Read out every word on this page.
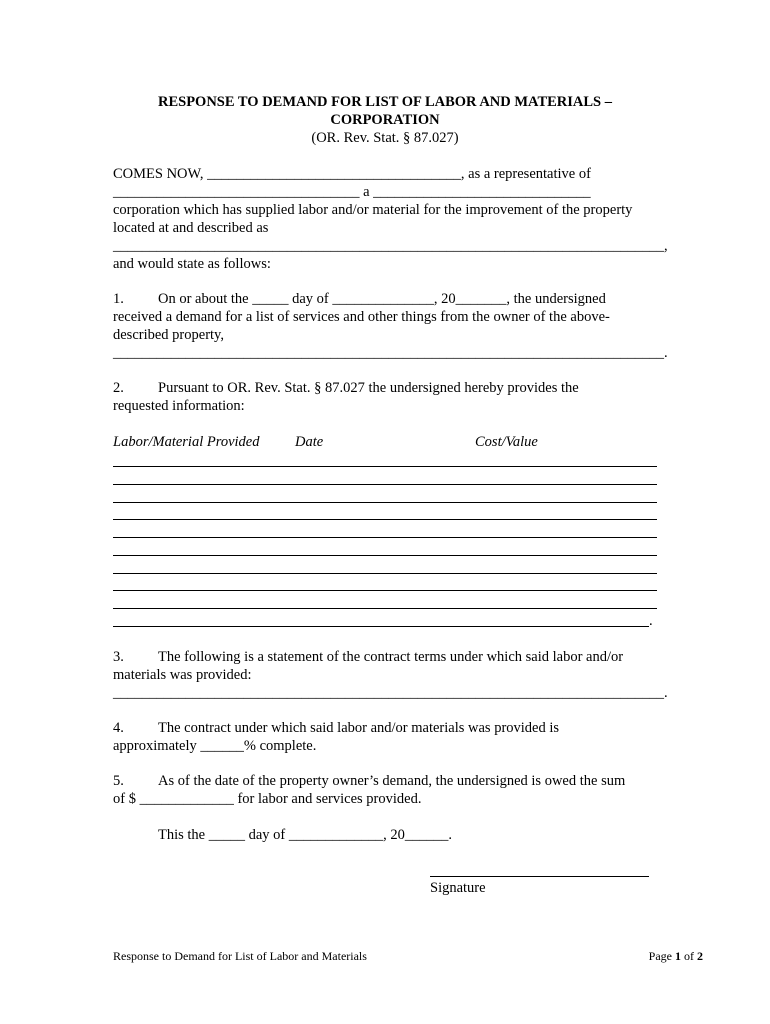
RESPONSE TO DEMAND FOR LIST OF LABOR AND MATERIALS –
CORPORATION
(OR. Rev. Stat. § 87.027)
COMES NOW, ___________________________________, as a representative of
__________________________________ a ______________________________
corporation which has supplied labor and/or material for the improvement of the property
located at and described as
____________________________________________________________________________,
and would state as follows:
1. On or about the _____ day of ______________, 20_______, the undersigned
received a demand for a list of services and other things from the owner of the above-
described property,
____________________________________________________________________________.
2. Pursuant to OR. Rev. Stat. § 87.027 the undersigned hereby provides the
requested information:
Labor/Material Provided Date	Cost/Value
.
3. The following is a statement of the contract terms under which said labor and/or
materials was provided:
____________________________________________________________________________.
4. The contract under which said labor and/or materials was provided is
approximately ______% complete.
5. As of the date of the property owner’s demand, the undersigned is owed the sum
of $ _____________ for labor and services provided.
This the _____ day of _____________, 20______.
Signature
Response to Demand for List of Labor and Materials	Page 1 of 2
